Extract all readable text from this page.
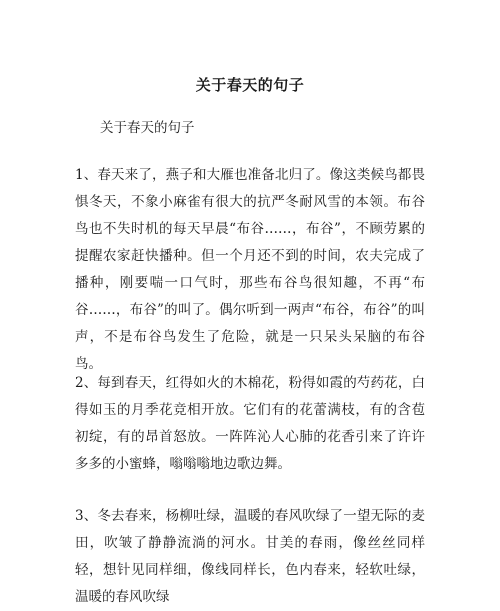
关于春天的句子
关于春天的句子
1、春天来了，燕子和大雁也准备北归了。像这类候鸟都畏惧冬天，不象小麻雀有很大的抗严冬耐风雪的本领。布谷鸟也不失时机的每天早晨“布谷……，布谷”，不顾劳累的提醒农家赶快播种。但一个月还不到的时间，农夫完成了播种，刚要喘一口气时，那些布谷鸟很知趣，不再“布谷……，布谷”的叫了。偶尔听到一两声“布谷，布谷”的叫声，不是布谷鸟发生了危险，就是一只呆头呆脑的布谷鸟。
2、每到春天，红得如火的木棉花，粉得如霞的芍药花，白得如玉的月季花竞相开放。它们有的花蕾满枝，有的含苞初绽，有的昂首怒放。一阵阵沁人心肺的花香引来了许许多多的小蜜蜂，嗡嗡嗡地边歌边舞。
3、冬去春来，杨柳吐绿，温暖的春风吹绿了一望无际的麦田，吹皱了静静流淌的河水。甘美的春雨，像丝丝同样轻，想针见同样细，像线同样长，色内春来，轻软吐绿，温暖的春风吹绿
